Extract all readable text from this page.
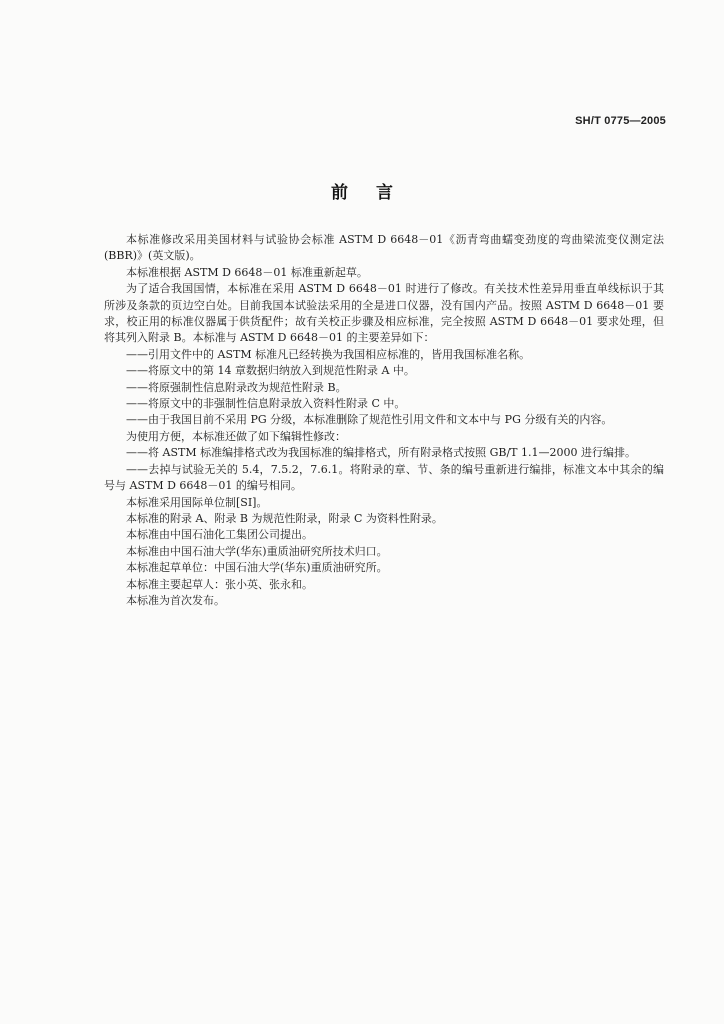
SH/T 0775—2005
前言

本标准修改采用美国材料与试验协会标准 ASTM D 6648－01《沥青弯曲蠕变劲度的弯曲梁流变仪测定法(BBR)》(英文版)。

本标准根据 ASTM D 6648－01 标准重新起草。

为了适合我国国情，本标准在采用 ASTM D 6648－01 时进行了修改。有关技术性差异用垂直单线标识于其所涉及条款的页边空白处。目前我国本试验法采用的全是进口仪器，没有国内产品。按照 ASTM D 6648－01 要求，校正用的标准仪器属于供货配件；故有关校正步骤及相应标准，完全按照 ASTM D 6648－01 要求处理，但将其列入附录 B。本标准与 ASTM D 6648－01 的主要差异如下：

——引用文件中的 ASTM 标准凡已经转换为我国相应标准的，皆用我国标准名称。

——将原文中的第 14 章数据归纳放入到规范性附录 A 中。

——将原强制性信息附录改为规范性附录 B。

——将原文中的非强制性信息附录放入资料性附录 C 中。

——由于我国目前不采用 PG 分级，本标准删除了规范性引用文件和文本中与 PG 分级有关的内容。

为使用方便，本标准还做了如下编辑性修改：

——将 ASTM 标准编排格式改为我国标准的编排格式，所有附录格式按照 GB/T 1.1—2000 进行编排。

——去掉与试验无关的 5.4，7.5.2，7.6.1。将附录的章、节、条的编号重新进行编排，标准文本中其余的编号与 ASTM D 6648－01 的编号相同。

本标准采用国际单位制[SI]。

本标准的附录 A、附录 B 为规范性附录，附录 C 为资料性附录。

本标准由中国石油化工集团公司提出。

本标准由中国石油大学(华东)重质油研究所技术归口。

本标准起草单位：中国石油大学(华东)重质油研究所。

本标准主要起草人：张小英、张永和。

本标准为首次发布。
